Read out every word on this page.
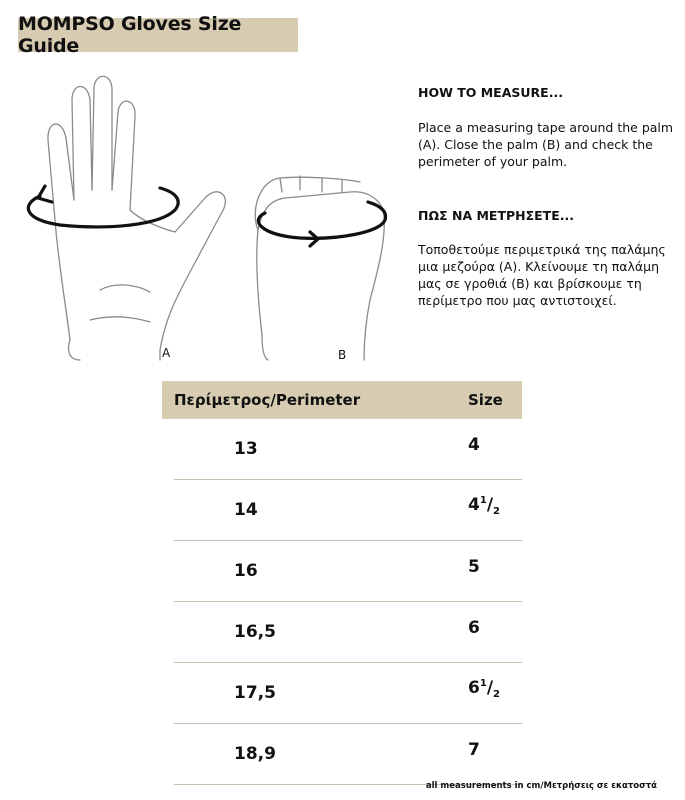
MOMPSO Gloves Size Guide
A	B

HOW TO MEASURE...

Place a measuring tape around the palm (A). Close the palm (B) and check the perimeter of your palm.

ΠΩΣ ΝΑ ΜΕΤΡΗΣΕΤΕ...

Τοποθετούμε περιμετρικά της παλάμης μια μεζούρα (Α). Κλείνουμε τη παλάμη μας σε γροθιά (Β) και βρίσκουμε τη περίμετρο που μας αντιστοιχεί.

Περίμετρος/Perimeter	Size
13	4
14	$4^1/_2$
16	5
16,5	6
17,5	$6^1/_2$
18,9	7
all measurements in cm/Μετρήσεις σε εκατοστά
